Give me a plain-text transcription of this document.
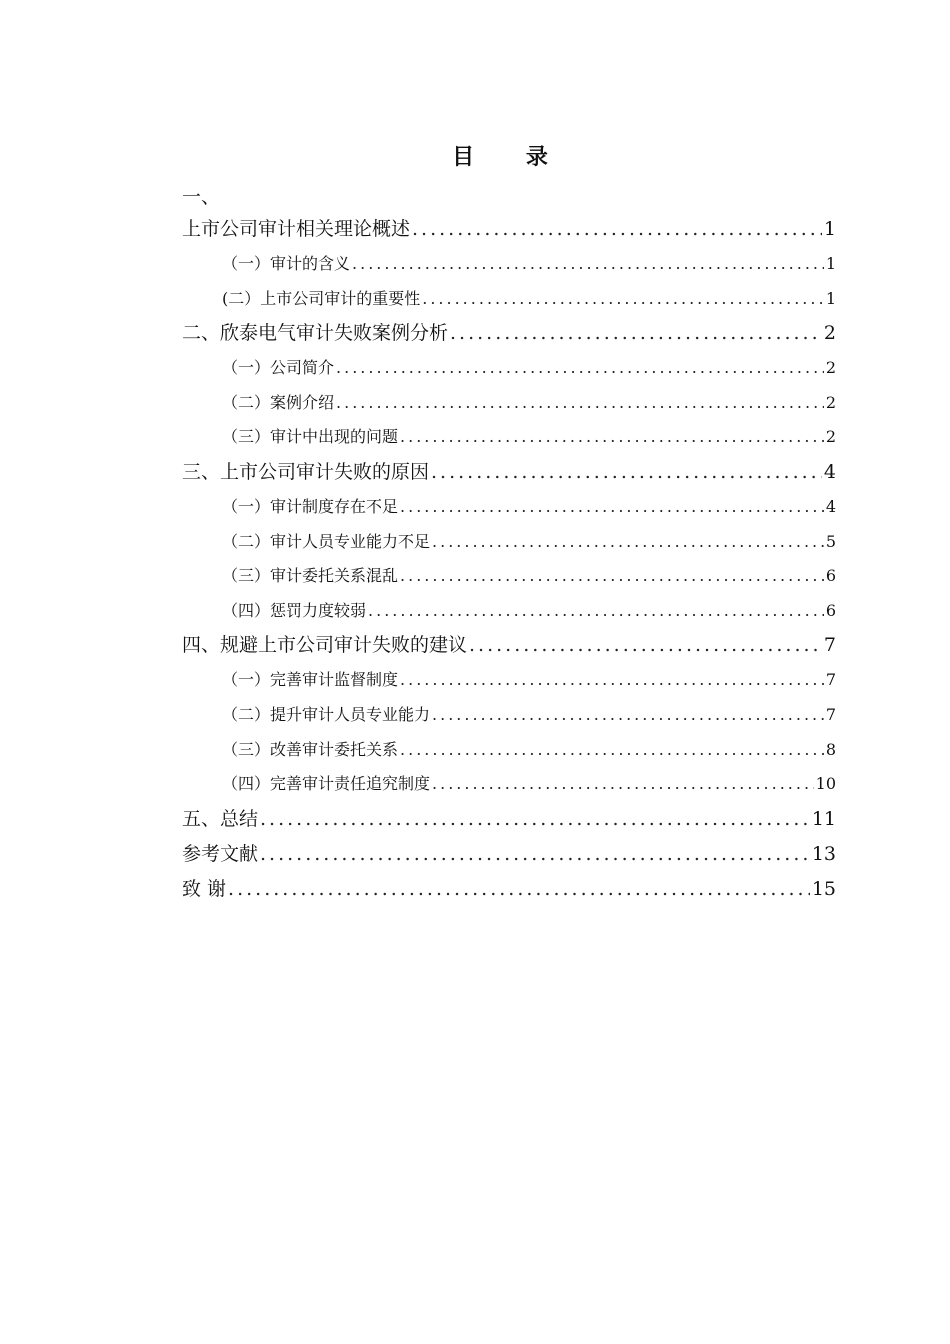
目 录
一、
上市公司审计相关理论概述 .....	1
（一）审计的含义 .....	1
(二）上市公司审计的重要性 .....	1
二、欣泰电气审计失败案例分析 .....	2
（一）公司简介 .....	2
（二）案例介绍 .....	2
（三）审计中出现的问题 .....	2
三、上市公司审计失败的原因 .....	4
（一）审计制度存在不足 .....	4
（二）审计人员专业能力不足 .....	5
（三）审计委托关系混乱 .....	6
（四）惩罚力度较弱 .....	6
四、规避上市公司审计失败的建议 .....	7
（一）完善审计监督制度 .....	7
（二）提升审计人员专业能力 .....	7
（三）改善审计委托关系 .....	8
（四）完善审计责任追究制度 .....	10
五、总结 .....	11
参考文献 .....	13
致 谢 .....	15
